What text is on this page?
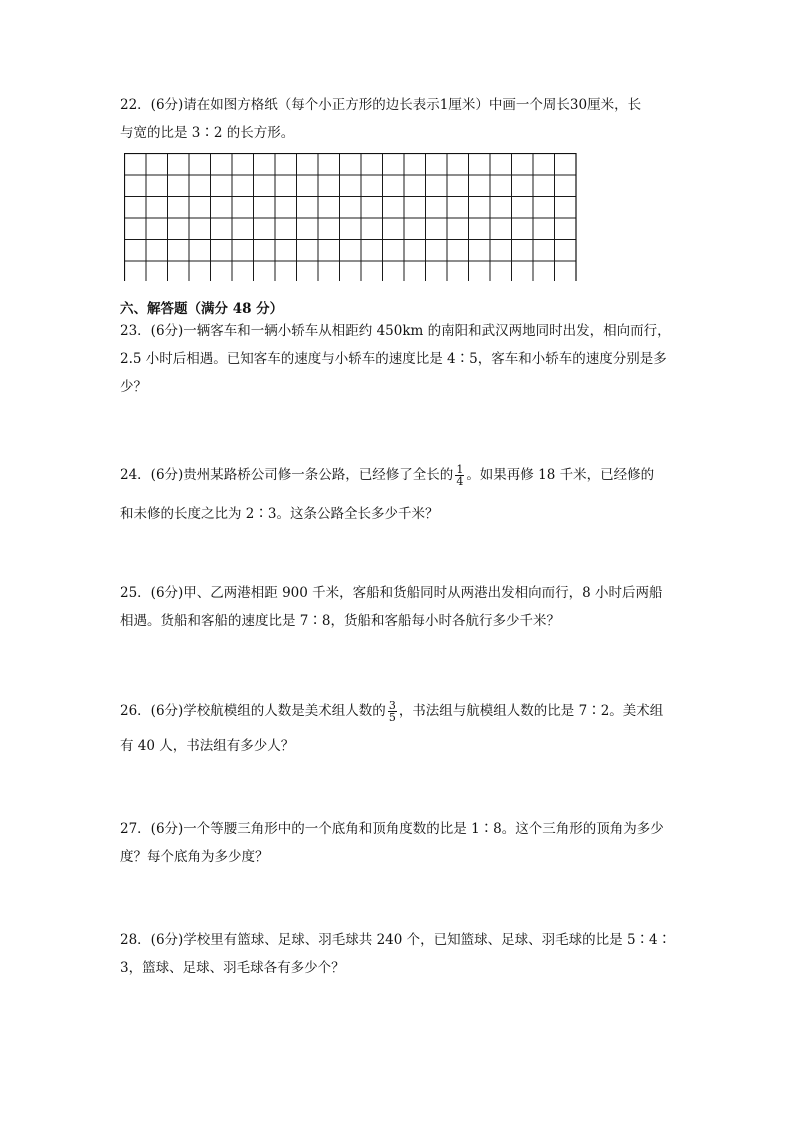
22．(6分)请在如图方格纸（每个小正方形的边长表示1厘米）中画一个周长30厘米，长
与宽的比是 3∶2 的长方形。
六、解答题（满分 48 分）
23．(6分)一辆客车和一辆小轿车从相距约 450km 的南阳和武汉两地同时出发，相向而行，
2.5 小时后相遇。已知客车的速度与小轿车的速度比是 4∶5，客车和小轿车的速度分别是多
少？
24．(6分)贵州某路桥公司修一条公路，已经修了全长的 $\frac{1}{4}$ 。如果再修 18 千米，已经修的
和未修的长度之比为 2∶3。这条公路全长多少千米？
25．(6分)甲、乙两港相距 900 千米，客船和货船同时从两港出发相向而行，8 小时后两船
相遇。货船和客船的速度比是 7∶8，货船和客船每小时各航行多少千米？
26．(6分)学校航模组的人数是美术组人数的 $\frac{3}{5}$ ，书法组与航模组人数的比是 7∶2。美术组
有 40 人，书法组有多少人？
27．(6分)一个等腰三角形中的一个底角和顶角度数的比是 1∶8。这个三角形的顶角为多少
度？每个底角为多少度？
28．(6分)学校里有篮球、足球、羽毛球共 240 个，已知篮球、足球、羽毛球的比是 5∶4∶
3，篮球、足球、羽毛球各有多少个？
